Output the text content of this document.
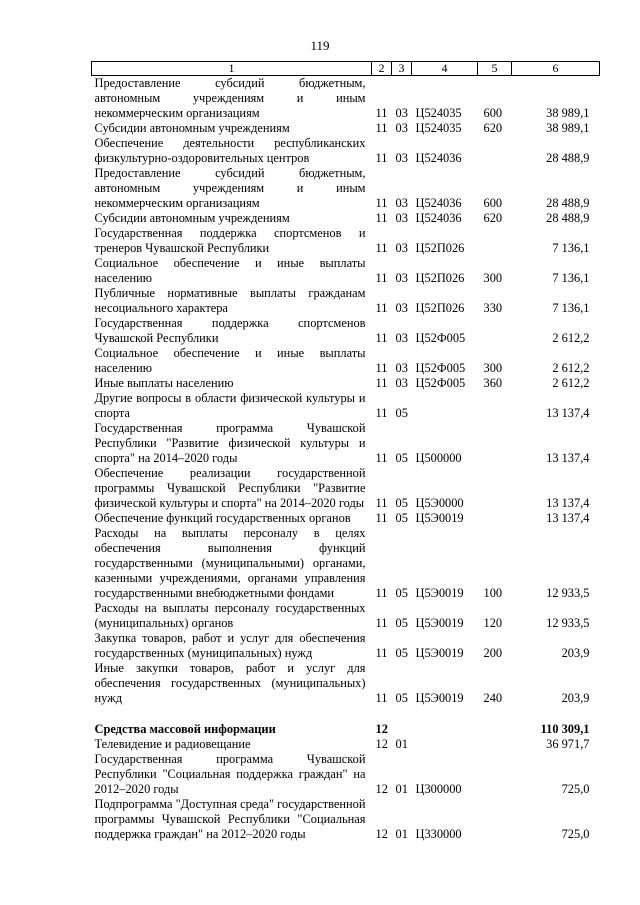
119
1	2	3	4	5	6
Предоставление субсидий бюджетным, автономным учреждениям и иным некоммерческим организациям	11	03	Ц524035	600	38 989,1
Субсидии автономным учреждениям	11	03	Ц524035	620	38 989,1
Обеспечение деятельности республиканских физкультурно-оздоровительных центров	11	03	Ц524036		28 488,9
Предоставление субсидий бюджетным, автономным учреждениям и иным некоммерческим организациям	11	03	Ц524036	600	28 488,9
Субсидии автономным учреждениям	11	03	Ц524036	620	28 488,9
Государственная поддержка спортсменов и тренеров Чувашской Республики	11	03	Ц52П026		7 136,1
Социальное обеспечение и иные выплаты населению	11	03	Ц52П026	300	7 136,1
Публичные нормативные выплаты гражданам несоциального характера	11	03	Ц52П026	330	7 136,1
Государственная поддержка спортсменов Чувашской Республики	11	03	Ц52Ф005		2 612,2
Социальное обеспечение и иные выплаты населению	11	03	Ц52Ф005	300	2 612,2
Иные выплаты населению	11	03	Ц52Ф005	360	2 612,2
Другие вопросы в области физической культуры и спорта	11	05			13 137,4
Государственная программа Чувашской Республики "Развитие физической культуры и спорта" на 2014–2020 годы	11	05	Ц500000		13 137,4
Обеспечение реализации государственной программы Чувашской Республики "Развитие физической культуры и спорта" на 2014–2020 годы	11	05	Ц5Э0000		13 137,4
Обеспечение функций государственных органов	11	05	Ц5Э0019		13 137,4
Расходы на выплаты персоналу в целях обеспечения выполнения функций государственными (муниципальными) органами, казенными учреждениями, органами управления государственными внебюджетными фондами	11	05	Ц5Э0019	100	12 933,5
Расходы на выплаты персоналу государственных (муниципальных) органов	11	05	Ц5Э0019	120	12 933,5
Закупка товаров, работ и услуг для обеспечения государственных (муниципальных) нужд	11	05	Ц5Э0019	200	203,9
Иные закупки товаров, работ и услуг для обеспечения государственных (муниципальных) нужд	11	05	Ц5Э0019	240	203,9

Средства массовой информации	12				110 309,1
Телевидение и радиовещание	12	01			36 971,7
Государственная программа Чувашской Республики "Социальная поддержка граждан" на 2012–2020 годы	12	01	Ц300000		725,0
Подпрограмма "Доступная среда" государственной программы Чувашской Республики "Социальная поддержка граждан" на 2012–2020 годы	12	01	Ц330000		725,0
